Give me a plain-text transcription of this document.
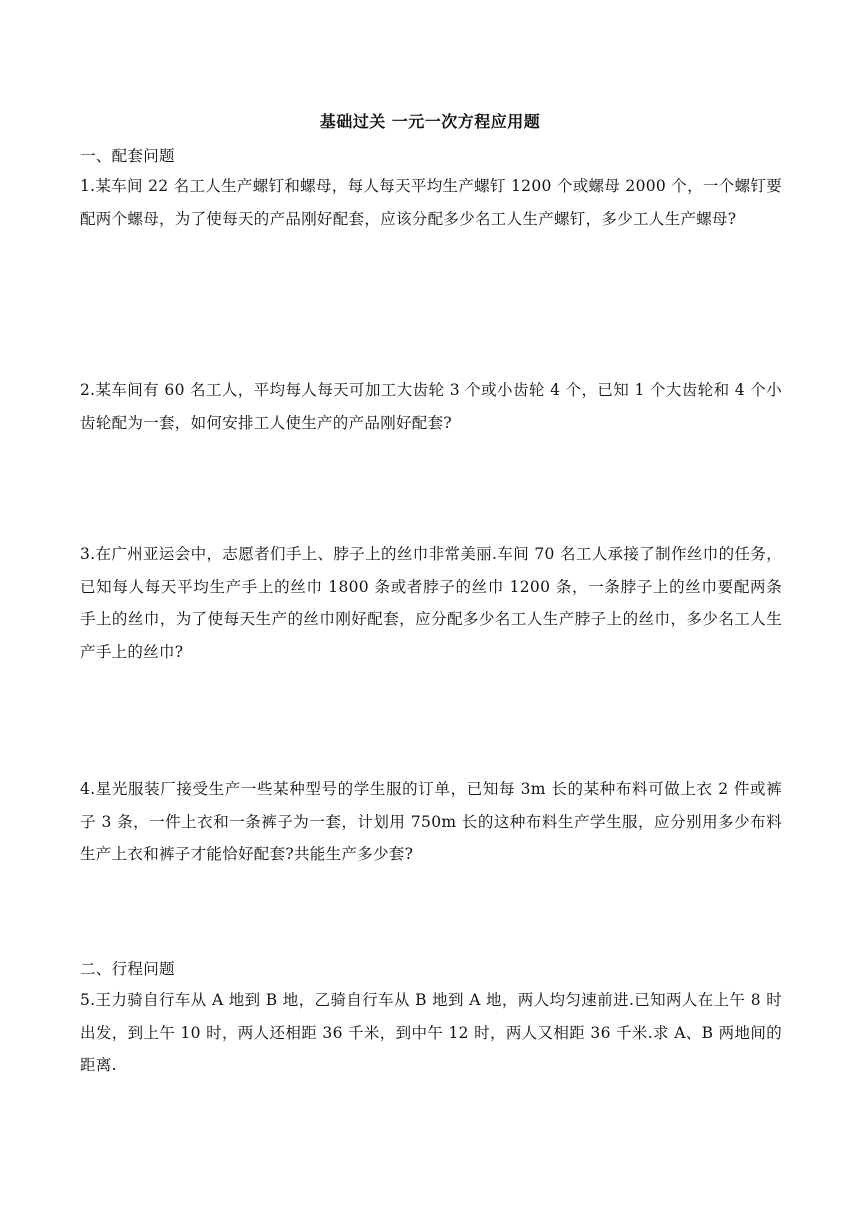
基础过关 一元一次方程应用题
一、配套问题
1.某车间 22 名工人生产螺钉和螺母，每人每天平均生产螺钉 1200 个或螺母 2000 个，一个螺钉要配两个螺母，为了使每天的产品刚好配套，应该分配多少名工人生产螺钉，多少工人生产螺母?
2.某车间有 60 名工人，平均每人每天可加工大齿轮 3 个或小齿轮 4 个，已知 1 个大齿轮和 4 个小齿轮配为一套，如何安排工人使生产的产品刚好配套?
3.在广州亚运会中，志愿者们手上、脖子上的丝巾非常美丽.车间 70 名工人承接了制作丝巾的任务，已知每人每天平均生产手上的丝巾 1800 条或者脖子的丝巾 1200 条，一条脖子上的丝巾要配两条手上的丝巾，为了使每天生产的丝巾刚好配套，应分配多少名工人生产脖子上的丝巾，多少名工人生产手上的丝巾?
4.星光服装厂接受生产一些某种型号的学生服的订单，已知每 3m 长的某种布料可做上衣 2 件或裤子 3 条，一件上衣和一条裤子为一套，计划用 750m 长的这种布料生产学生服，应分别用多少布料生产上衣和裤子才能恰好配套?共能生产多少套?
二、行程问题
5.王力骑自行车从 A 地到 B 地，乙骑自行车从 B 地到 A 地，两人均匀速前进.已知两人在上午 8 时出发，到上午 10 时，两人还相距 36 千米，到中午 12 时，两人又相距 36 千米.求 A、B 两地间的距离.
